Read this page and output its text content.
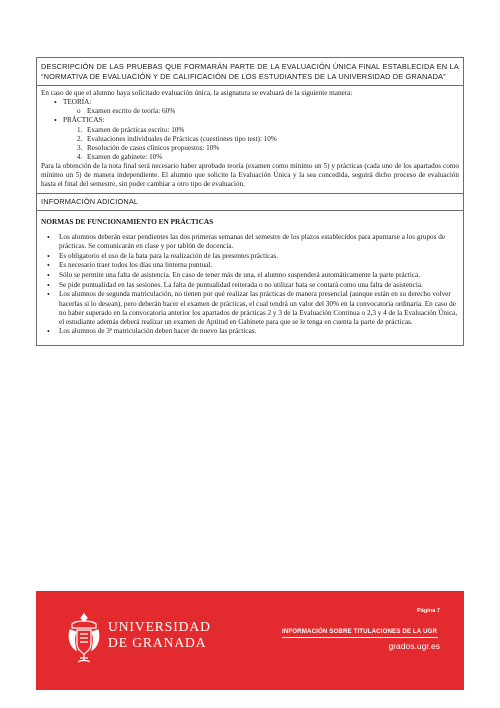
DESCRIPCIÓN DE LAS PRUEBAS QUE FORMARÁN PARTE DE LA EVALUACIÓN ÚNICA FINAL ESTABLECIDA EN LA “NORMATIVA DE EVALUACIÓN Y DE CALIFICACIÓN DE LOS ESTUDIANTES DE LA UNIVERSIDAD DE GRANADA”

En caso de que el alumno haya solicitado evaluación única, la asignatura se evaluará de la siguiente manera:

• TEORÍA:
o Examen escrito de teoría: 60%
• PRÁCTICAS:
1. Examen de prácticas escrito: 10%
2. Evaluaciones individuales de Prácticas (cuestiones tipo test): 10%
3. Resolución de casos clínicos propuestos: 10%
4. Examen de gabinete: 10%

Para la obtención de la nota final será necesario haber aprobado teoría (examen como mínimo un 5) y prácticas (cada uno de los apartados como mínimo un 5) de manera independiente. El alumno que solicite la Evaluación Única y la sea concedida, seguirá dicho proceso de evaluación hasta el final del semestre, sin poder cambiar a otro tipo de evaluación.

INFORMACIÓN ADICIONAL
NORMAS DE FUNCIONAMIENTO EN PRÁCTICAS
• Los alumnos deberán estar pendientes las dos primeras semanas del semestre de los plazos establecidos para apuntarse a los grupos de prácticas. Se comunicarán en clase y por tablón de docencia.
• Es obligatorio el uso de la bata para la realización de las presentes prácticas.
• Es necesario traer todos los días una linterna puntual.
• Sólo se permite una falta de asistencia. En caso de tener más de una, el alumno suspenderá automáticamente la parte práctica.
• Se pide puntualidad en las sesiones. La falta de puntualidad reiterada o no utilizar bata se contará como una falta de asistencia.
• Los alumnos de segunda matriculación, no tienen por qué realizar las prácticas de manera presencial (aunque están en su derecho volver hacerlas si lo desean), pero deberán hacer el examen de prácticas, el cual tendrá un valor del 30% en la convocatoria ordinaria. En caso de no haber superado en la convocatoria anterior los apartados de prácticas 2 y 3 de la Evaluación Continua o 2,3 y 4 de la Evaluación Única, el estudiante además deberá realizar un examen de Aptitud en Gabinete para que se le tenga en cuenta la parte de prácticas.
• Los alumnos de 3ª matriculación deben hacer de nuevo las prácticas.
UNIVERSIDAD
DE GRANADA
Página 7
INFORMACIÓN SOBRE TITULACIONES DE LA UGR
grados.ugr.es
